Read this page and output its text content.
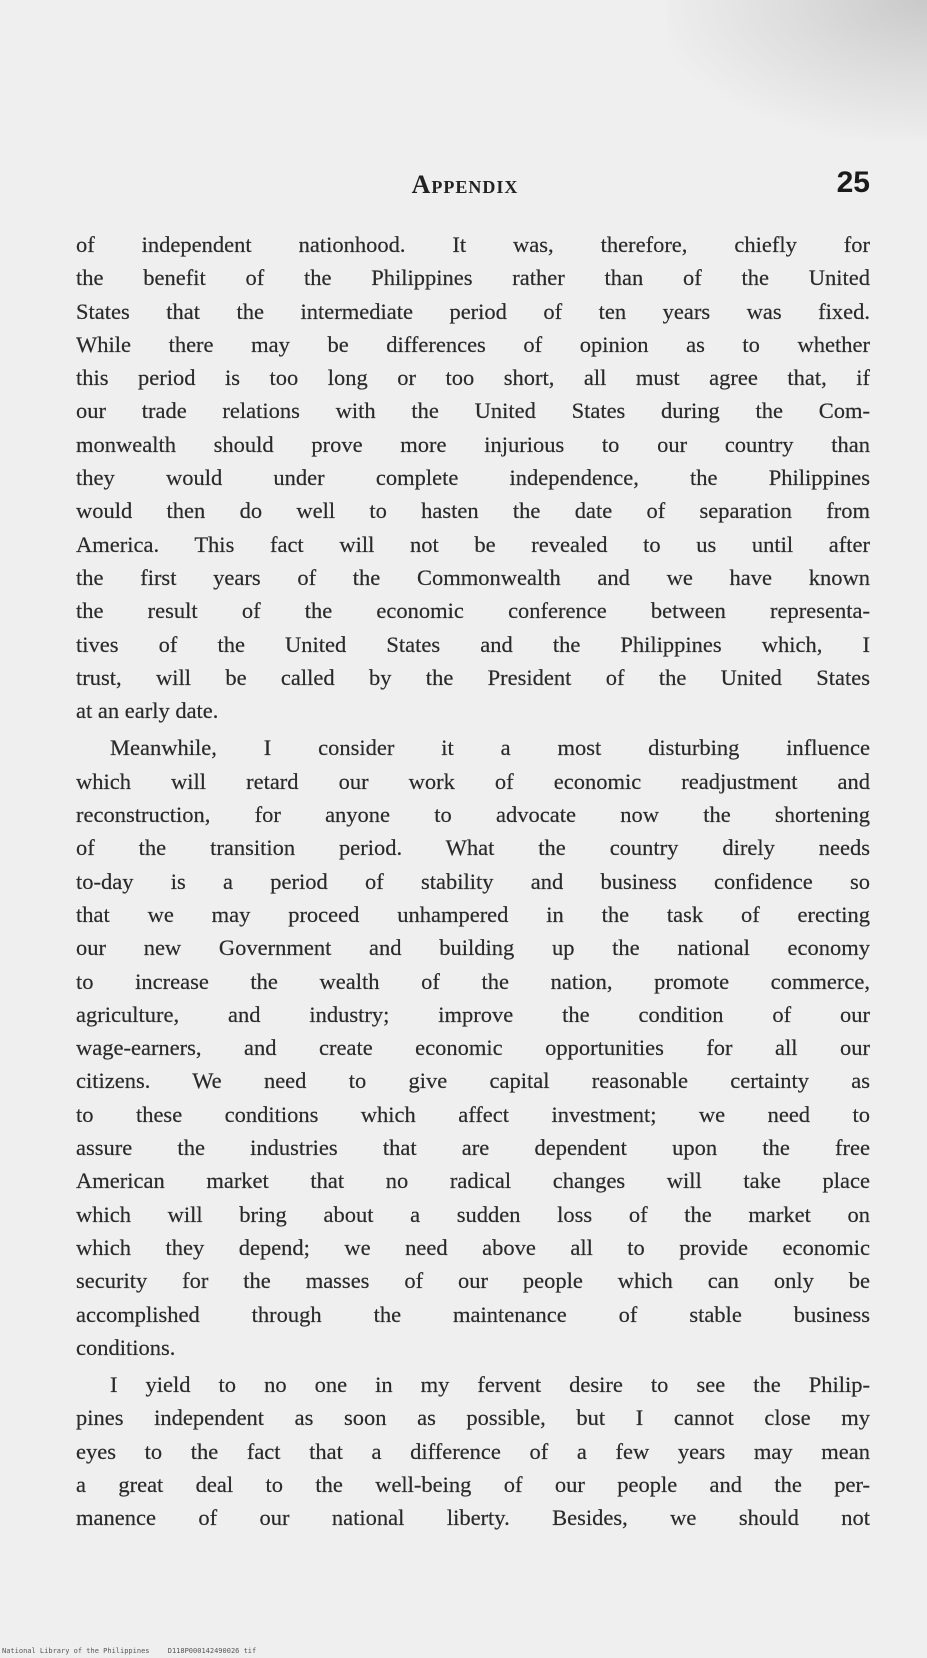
Appendix	25
of independent nationhood. It was, therefore, chiefly for
the benefit of the Philippines rather than of the United
States that the intermediate period of ten years was fixed.
While there may be differences of opinion as to whether
this period is too long or too short, all must agree that, if
our trade relations with the United States during the Com-
monwealth should prove more injurious to our country than
they would under complete independence, the Philippines
would then do well to hasten the date of separation from
America. This fact will not be revealed to us until after
the first years of the Commonwealth and we have known
the result of the economic conference between representa-
tives of the United States and the Philippines which, I
trust, will be called by the President of the United States
at an early date.
Meanwhile, I consider it a most disturbing influence
which will retard our work of economic readjustment and
reconstruction, for anyone to advocate now the shortening
of the transition period. What the country direly needs
to-day is a period of stability and business confidence so
that we may proceed unhampered in the task of erecting
our new Government and building up the national economy
to increase the wealth of the nation, promote commerce,
agriculture, and industry; improve the condition of our
wage-earners, and create economic opportunities for all our
citizens. We need to give capital reasonable certainty as
to these conditions which affect investment; we need to
assure the industries that are dependent upon the free
American market that no radical changes will take place
which will bring about a sudden loss of the market on
which they depend; we need above all to provide economic
security for the masses of our people which can only be
accomplished through the maintenance of stable business
conditions.
I yield to no one in my fervent desire to see the Philip-
pines independent as soon as possible, but I cannot close my
eyes to the fact that a difference of a few years may mean
a great deal to the well-being of our people and the per-
manence of our national liberty. Besides, we should not
National Library of the Philippines	D118P000142490026 tif
